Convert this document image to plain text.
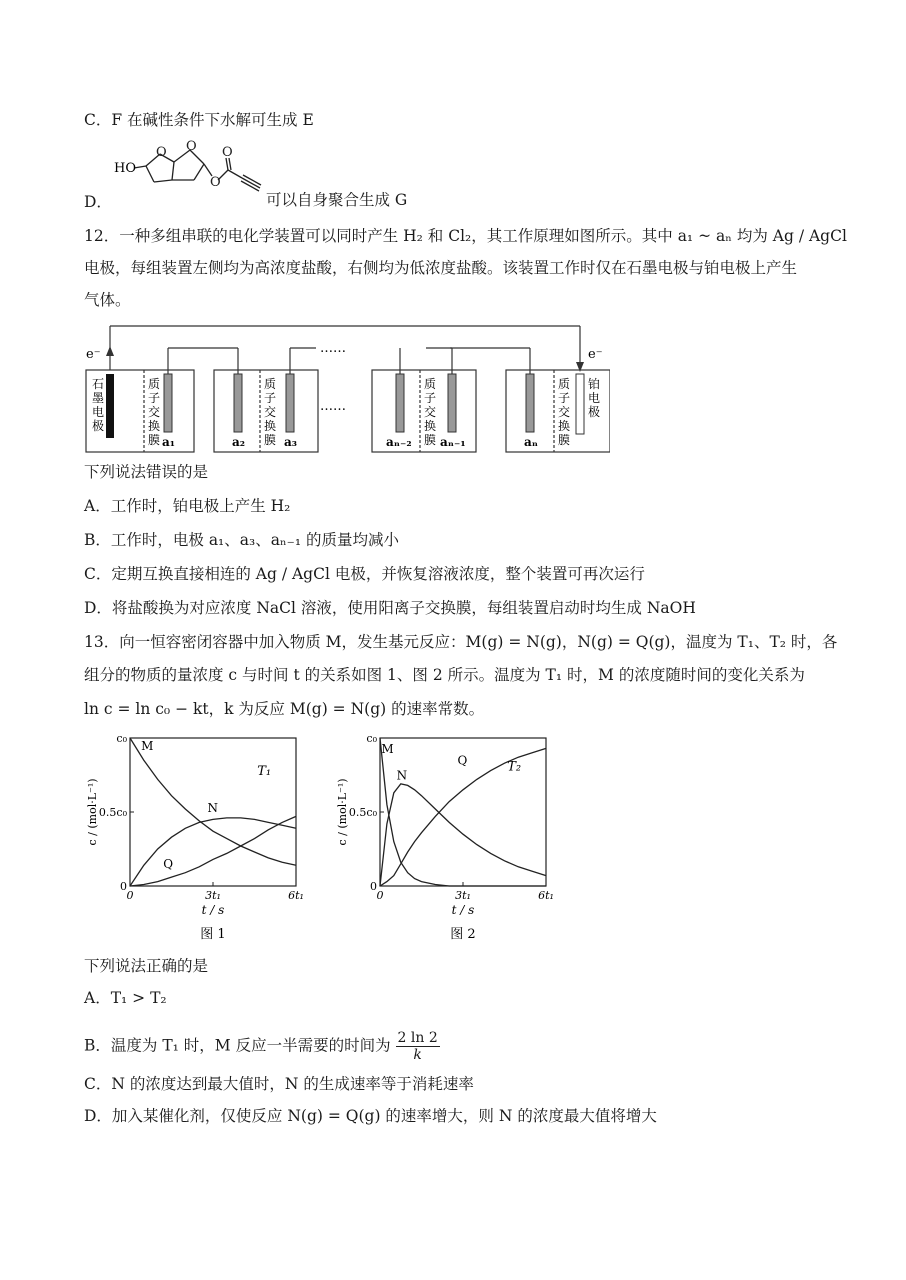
C．F 在碱性条件下水解可生成 E
D．
HO
O O
O
O
可以自身聚合生成 G
12．一种多组串联的电化学装置可以同时产生 H₂ 和 Cl₂，其工作原理如图所示。其中 a₁ ~ aₙ 均为 Ag / AgCl
电极，每组装置左侧均为高浓度盐酸，右侧均为低浓度盐酸。该装置工作时仅在石墨电极与铂电极上产生
气体。
e⁻	e⁻
……
……
石
墨
电
极
铂
电
极
质
子
交
换
膜
质
子
交
换
膜
质
子
交
换
膜
质
子
交
换
膜
a₁	a₂	a₃	aₙ₋₂ aₙ₋₁	aₙ
下列说法错误的是
A．工作时，铂电极上产生 H₂
B．工作时，电极 a₁、a₃、aₙ₋₁ 的质量均减小
C．定期互换直接相连的 Ag / AgCl 电极，并恢复溶液浓度，整个装置可再次运行
D．将盐酸换为对应浓度 NaCl 溶液，使用阳离子交换膜，每组装置启动时均生成 NaOH
13．向一恒容密闭容器中加入物质 M，发生基元反应：M(g) = N(g)，N(g) = Q(g)，温度为 T₁、T₂ 时，各
组分的物质的量浓度 c 与时间 t 的关系如图 1、图 2 所示。温度为 T₁ 时，M 的浓度随时间的变化关系为
ln c = ln c₀ − kt，k 为反应 M(g) = N(g) 的速率常数。
0	3t₁	6t₁
0
0.5c₀
c₀
t / s
c / (mol·L⁻¹)
M
N
Q
T₁
图 1
0	3t₁	6t₁
0
0.5c₀
c₀
t / s
c / (mol·L⁻¹)
M
N
Q	T₂
图 2
下列说法正确的是
A．T₁ > T₂
B．温度为 T₁ 时，M 反应一半需要的时间为 $\frac{2 \ln 2}{k}$
C．N 的浓度达到最大值时，N 的生成速率等于消耗速率
D．加入某催化剂，仅使反应 N(g) = Q(g) 的速率增大，则 N 的浓度最大值将增大
